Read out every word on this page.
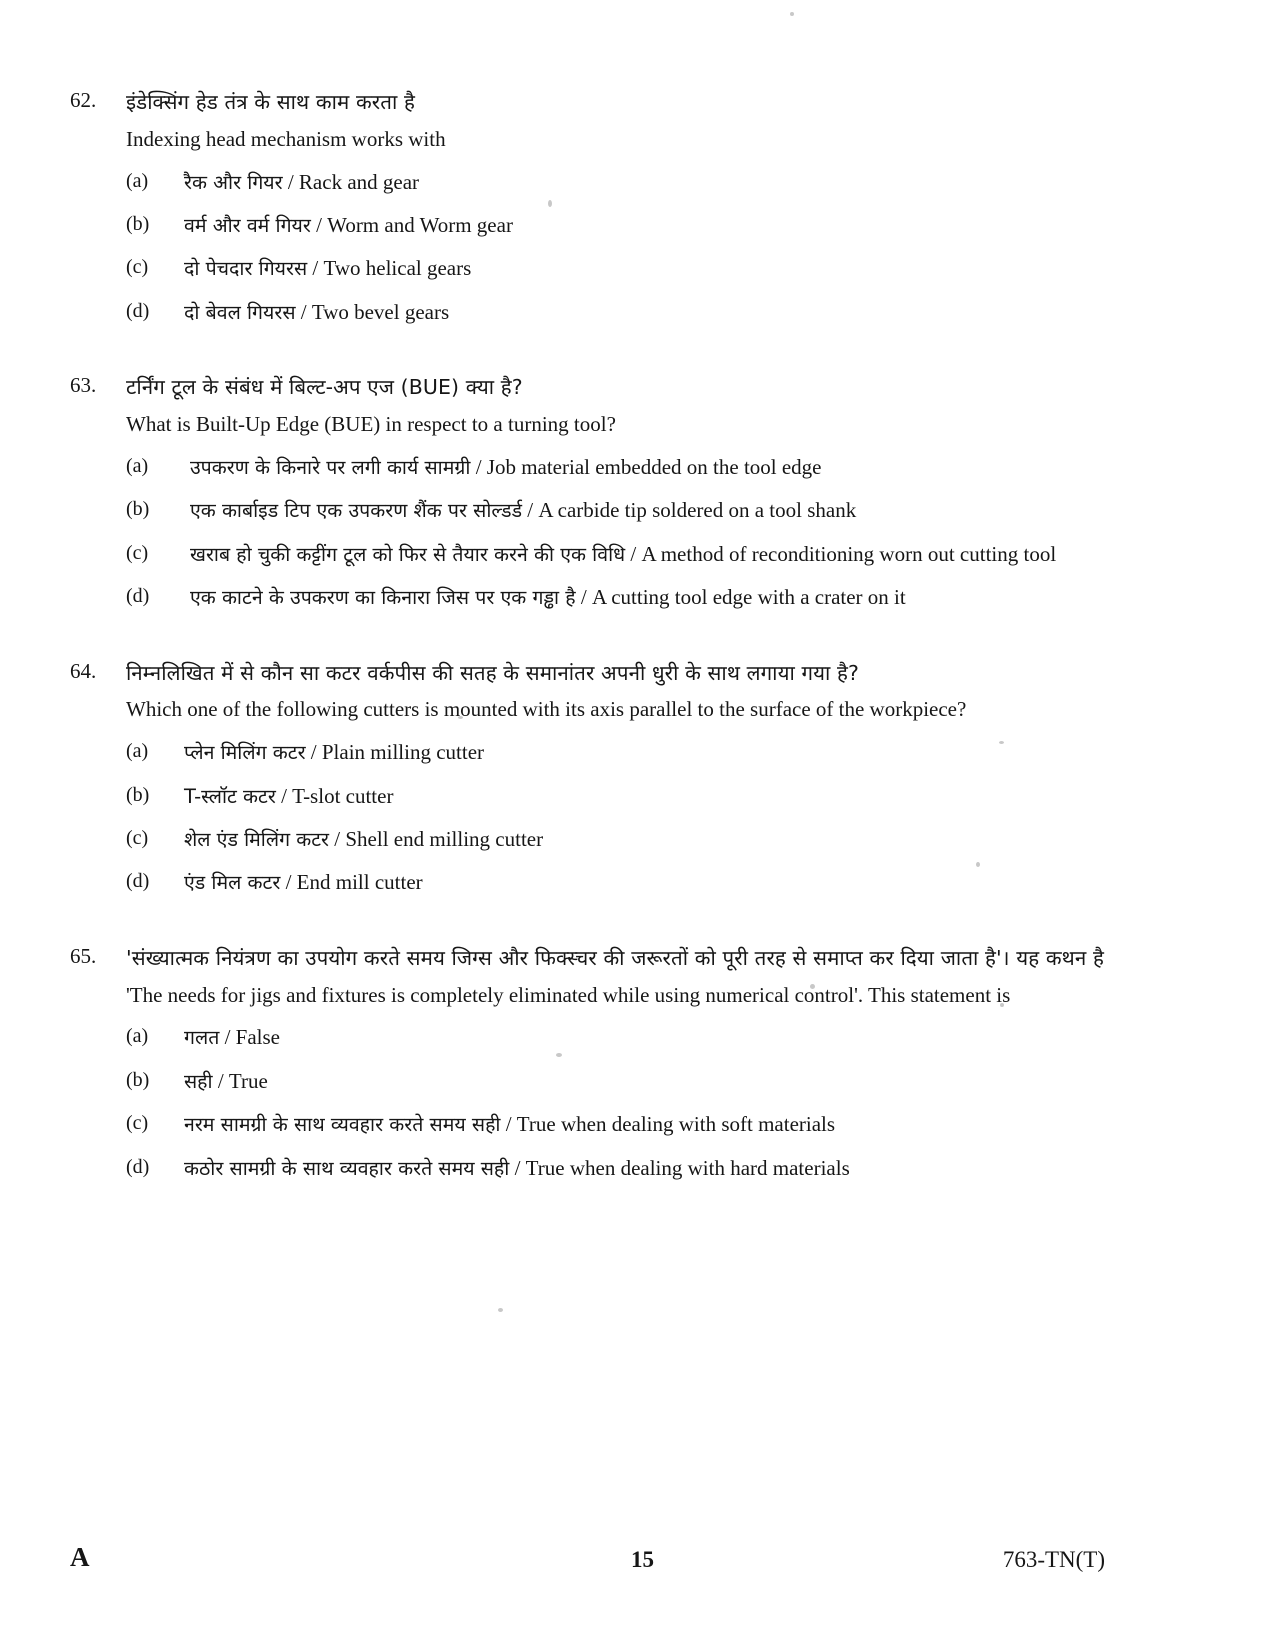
62.	इंडेक्सिंग हेड तंत्र के साथ काम करता है
Indexing head mechanism works with
(a) रैक और गियर / Rack and gear
(b) वर्म और वर्म गियर / Worm and Worm gear
(c) दो पेचदार गियरस / Two helical gears
(d) दो बेवल गियरस / Two bevel gears
63.	टर्निंग टूल के संबंध में बिल्ट-अप एज (BUE) क्या है?
What is Built-Up Edge (BUE) in respect to a turning tool?
(a) उपकरण के किनारे पर लगी कार्य सामग्री / Job material embedded on the tool edge
(b) एक कार्बाइड टिप एक उपकरण शैंक पर सोल्डर्ड / A carbide tip soldered on a tool shank
(c) खराब हो चुकी कट्टींग टूल को फिर से तैयार करने की एक विधि / A method of reconditioning worn out cutting tool
(d) एक काटने के उपकरण का किनारा जिस पर एक गड्ढा है / A cutting tool edge with a crater on it
64.	निम्नलिखित में से कौन सा कटर वर्कपीस की सतह के समानांतर अपनी धुरी के साथ लगाया गया है?
Which one of the following cutters is mounted with its axis parallel to the surface of the workpiece?
(a) प्लेन मिलिंग कटर / Plain milling cutter
(b) T-स्लॉट कटर / T-slot cutter
(c) शेल एंड मिलिंग कटर / Shell end milling cutter
(d) एंड मिल कटर / End mill cutter
65.	'संख्यात्मक नियंत्रण का उपयोग करते समय जिग्स और फिक्स्चर की जरूरतों को पूरी तरह से समाप्त कर दिया जाता है'। यह कथन है
'The needs for jigs and fixtures is completely eliminated while using numerical control'. This statement is
(a) गलत / False
(b) सही / True
(c) नरम सामग्री के साथ व्यवहार करते समय सही / True when dealing with soft materials
(d) कठोर सामग्री के साथ व्यवहार करते समय सही / True when dealing with hard materials
A	15	763-TN(T)
